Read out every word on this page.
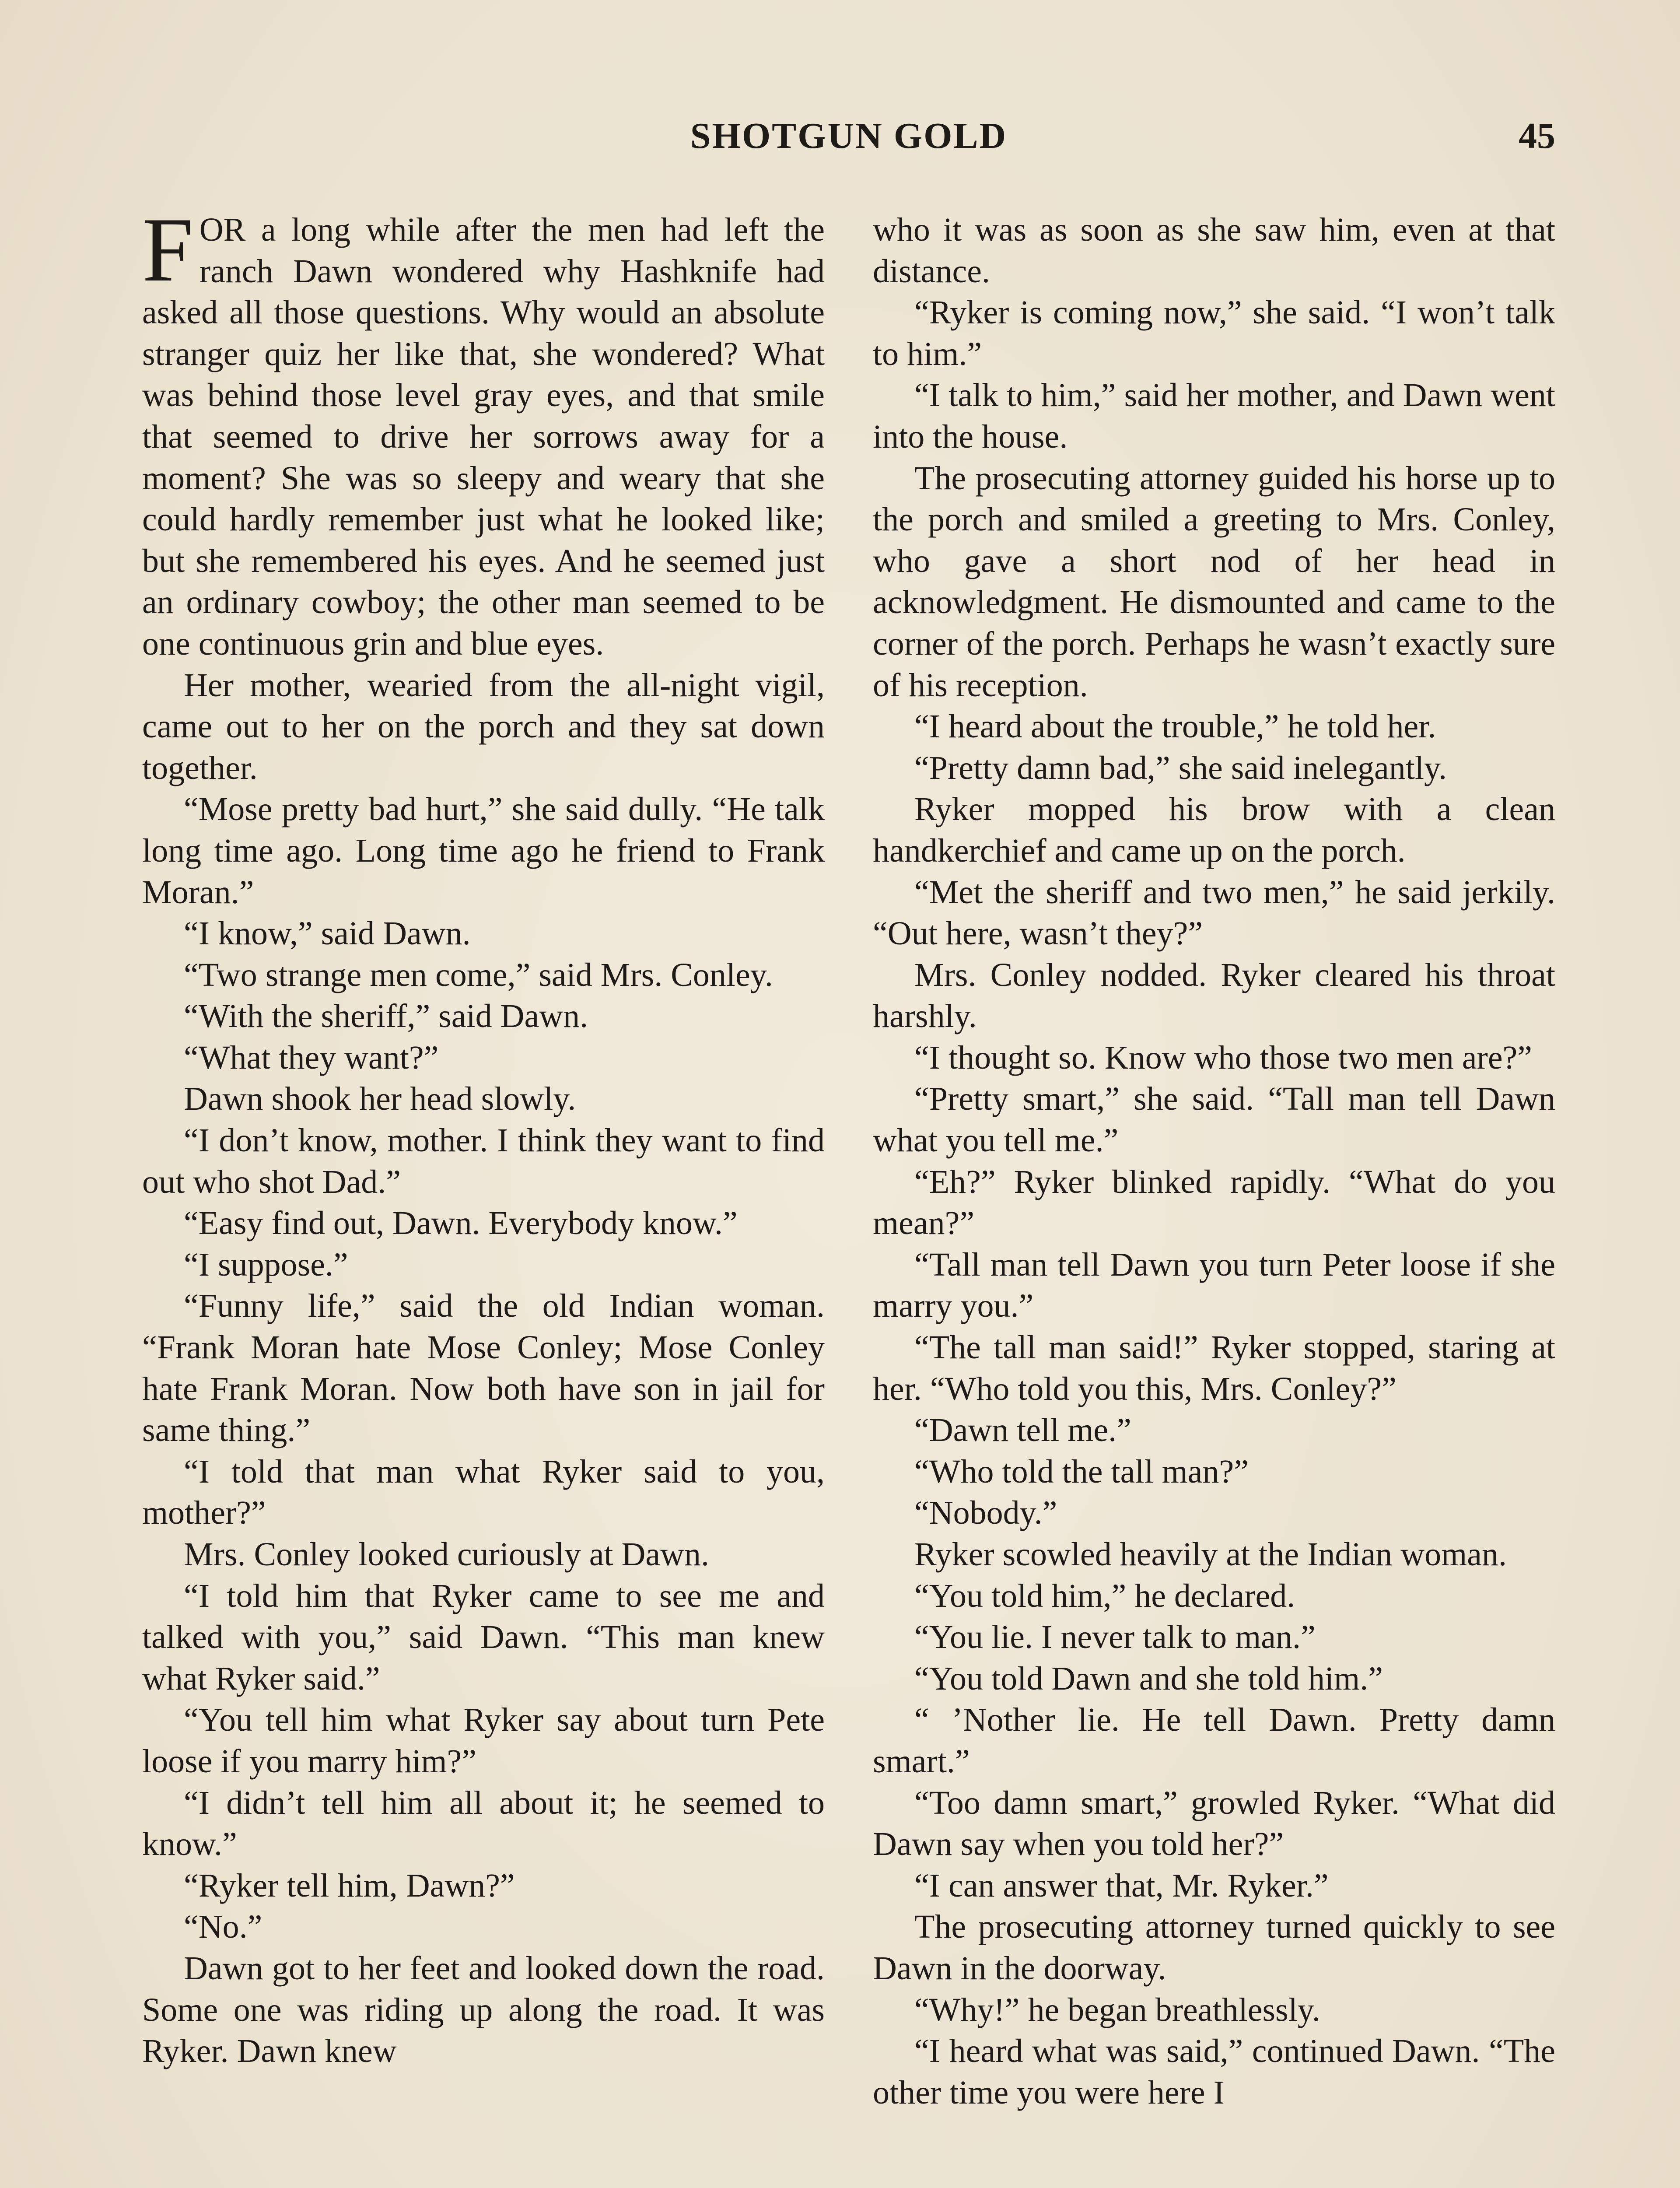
SHOTGUN GOLD	45

FOR a long while after the men had left the ranch Dawn wondered why Hashknife had asked all those questions. Why would an absolute stranger quiz her like that, she wondered? What was behind those level gray eyes, and that smile that seemed to drive her sorrows away for a moment? She was so sleepy and weary that she could hardly remember just what he looked like; but she remembered his eyes. And he seemed just an ordinary cowboy; the other man seemed to be one continuous grin and blue eyes.

Her mother, wearied from the all-night vigil, came out to her on the porch and they sat down together.

“Mose pretty bad hurt,” she said dully. “He talk long time ago. Long time ago he friend to Frank Moran.”

“I know,” said Dawn.

“Two strange men come,” said Mrs. Conley.

“With the sheriff,” said Dawn.

“What they want?”

Dawn shook her head slowly.

“I don’t know, mother. I think they want to find out who shot Dad.”

“Easy find out, Dawn. Everybody know.”

“I suppose.”

“Funny life,” said the old Indian woman. “Frank Moran hate Mose Conley; Mose Conley hate Frank Moran. Now both have son in jail for same thing.”

“I told that man what Ryker said to you, mother?”

Mrs. Conley looked curiously at Dawn.

“I told him that Ryker came to see me and talked with you,” said Dawn. “This man knew what Ryker said.”

“You tell him what Ryker say about turn Pete loose if you marry him?”

“I didn’t tell him all about it; he seemed to know.”

“Ryker tell him, Dawn?”

“No.”

Dawn got to her feet and looked down the road. Some one was riding up along the road. It was Ryker. Dawn knew

who it was as soon as she saw him, even at that distance.

“Ryker is coming now,” she said. “I won’t talk to him.”

“I talk to him,” said her mother, and Dawn went into the house.

The prosecuting attorney guided his horse up to the porch and smiled a greeting to Mrs. Conley, who gave a short nod of her head in acknowledgment. He dismounted and came to the corner of the porch. Perhaps he wasn’t exactly sure of his reception.

“I heard about the trouble,” he told her.

“Pretty damn bad,” she said inelegantly.

Ryker mopped his brow with a clean handkerchief and came up on the porch.

“Met the sheriff and two men,” he said jerkily. “Out here, wasn’t they?”

Mrs. Conley nodded. Ryker cleared his throat harshly.

“I thought so. Know who those two men are?”

“Pretty smart,” she said. “Tall man tell Dawn what you tell me.”

“Eh?” Ryker blinked rapidly. “What do you mean?”

“Tall man tell Dawn you turn Peter loose if she marry you.”

“The tall man said!” Ryker stopped, staring at her. “Who told you this, Mrs. Conley?”

“Dawn tell me.”

“Who told the tall man?”

“Nobody.”

Ryker scowled heavily at the Indian woman.

“You told him,” he declared.

“You lie. I never talk to man.”

“You told Dawn and she told him.”

“ ’Nother lie. He tell Dawn. Pretty damn smart.”

“Too damn smart,” growled Ryker. “What did Dawn say when you told her?”

“I can answer that, Mr. Ryker.”

The prosecuting attorney turned quickly to see Dawn in the doorway.

“Why!” he began breathlessly.

“I heard what was said,” continued Dawn. “The other time you were here I
